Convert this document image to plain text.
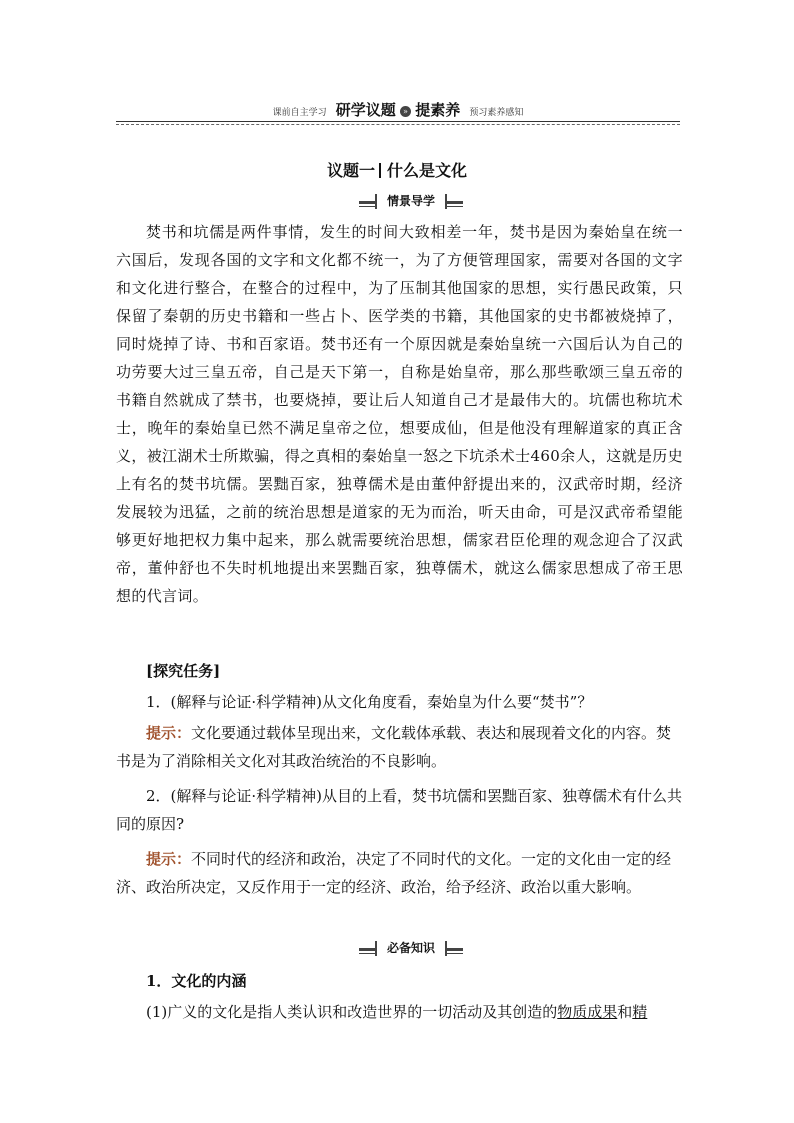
课前自主学习 研学议题 » 提素养 预习素养感知
议题一 什么是文化
情景导学
焚书和坑儒是两件事情，发生的时间大致相差一年，焚书是因为秦始皇在统一六国后，发现各国的文字和文化都不统一，为了方便管理国家，需要对各国的文字和文化进行整合，在整合的过程中，为了压制其他国家的思想，实行愚民政策，只保留了秦朝的历史书籍和一些占卜、医学类的书籍，其他国家的史书都被烧掉了，同时烧掉了诗、书和百家语。焚书还有一个原因就是秦始皇统一六国后认为自己的功劳要大过三皇五帝，自己是天下第一，自称是始皇帝，那么那些歌颂三皇五帝的书籍自然就成了禁书，也要烧掉，要让后人知道自己才是最伟大的。坑儒也称坑术士，晚年的秦始皇已然不满足皇帝之位，想要成仙，但是他没有理解道家的真正含义，被江湖术士所欺骗，得之真相的秦始皇一怒之下坑杀术士460余人，这就是历史上有名的焚书坑儒。罢黜百家，独尊儒术是由董仲舒提出来的，汉武帝时期，经济发展较为迅猛，之前的统治思想是道家的无为而治，听天由命，可是汉武帝希望能够更好地把权力集中起来，那么就需要统治思想，儒家君臣伦理的观念迎合了汉武帝，董仲舒也不失时机地提出来罢黜百家，独尊儒术，就这么儒家思想成了帝王思想的代言词。
[探究任务]
1．(解释与论证·科学精神)从文化角度看，秦始皇为什么要“焚书”？
提示：文化要通过载体呈现出来，文化载体承载、表达和展现着文化的内容。焚书是为了消除相关文化对其政治统治的不良影响。
2．(解释与论证·科学精神)从目的上看，焚书坑儒和罢黜百家、独尊儒术有什么共同的原因?
提示：不同时代的经济和政治，决定了不同时代的文化。一定的文化由一定的经济、政治所决定，又反作用于一定的经济、政治，给予经济、政治以重大影响。
必备知识
1．文化的内涵
(1)广义的文化是指人类认识和改造世界的一切活动及其创造的物质成果和精
